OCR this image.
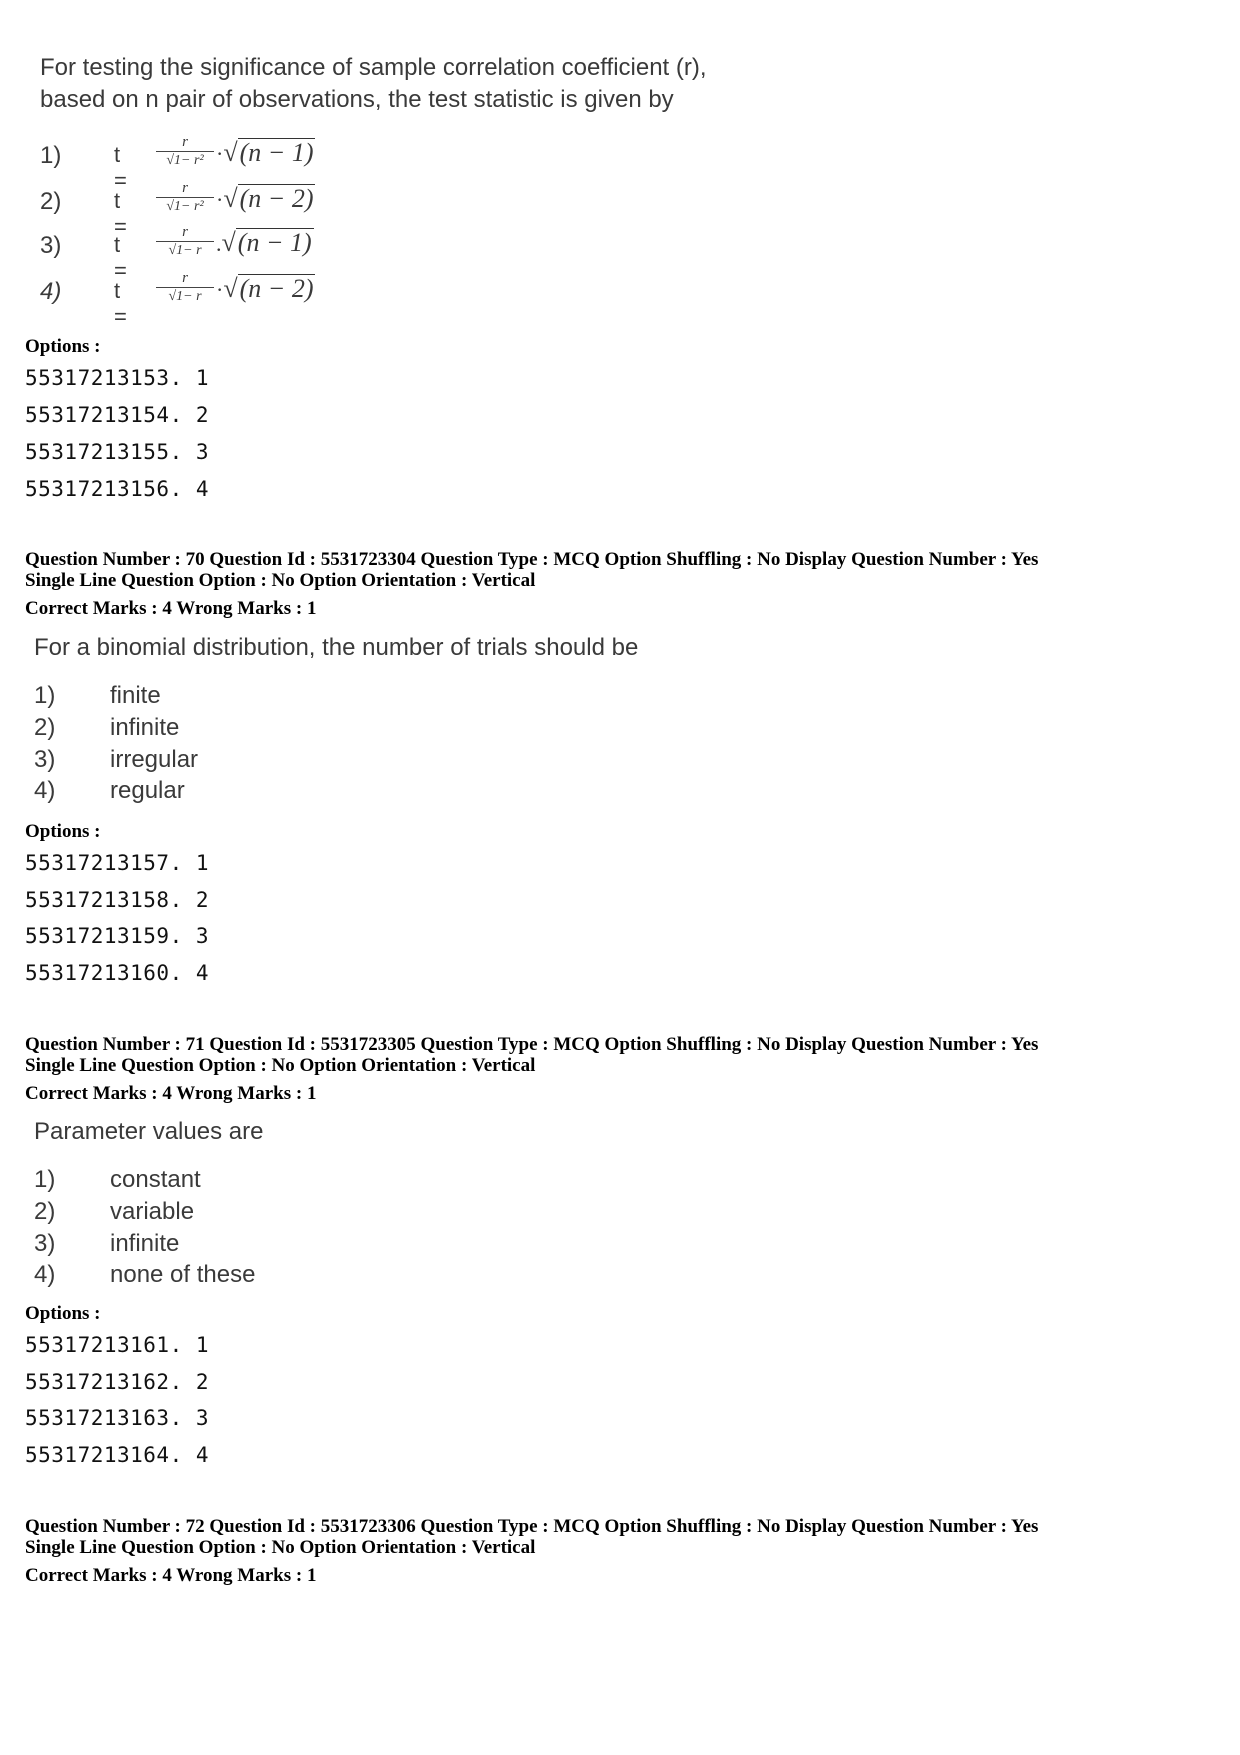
For testing the significance of sample correlation coefficient (r),
based on n pair of observations, the test statistic is given by
1) t =
r
√1− r² ·√(n − 1)
2) t =
r
√1− r² ·√(n − 2)
3) t =
r
√1− r .√(n − 1)
4) t =
r
√1− r ·√(n − 2)
Options :
55317213153. 1
55317213154. 2
55317213155. 3
55317213156. 4
Question Number : 70 Question Id : 5531723304 Question Type : MCQ Option Shuffling : No Display Question Number : Yes
Single Line Question Option : No Option Orientation : Vertical
Correct Marks : 4 Wrong Marks : 1
For a binomial distribution, the number of trials should be
1)	finite
2)	infinite
3)	irregular
4)	regular
Options :
55317213157. 1
55317213158. 2
55317213159. 3
55317213160. 4
Question Number : 71 Question Id : 5531723305 Question Type : MCQ Option Shuffling : No Display Question Number : Yes
Single Line Question Option : No Option Orientation : Vertical
Correct Marks : 4 Wrong Marks : 1
Parameter values are
1)	constant
2)	variable
3)	infinite
4)	none of these
Options :
55317213161. 1
55317213162. 2
55317213163. 3
55317213164. 4
Question Number : 72 Question Id : 5531723306 Question Type : MCQ Option Shuffling : No Display Question Number : Yes
Single Line Question Option : No Option Orientation : Vertical
Correct Marks : 4 Wrong Marks : 1
